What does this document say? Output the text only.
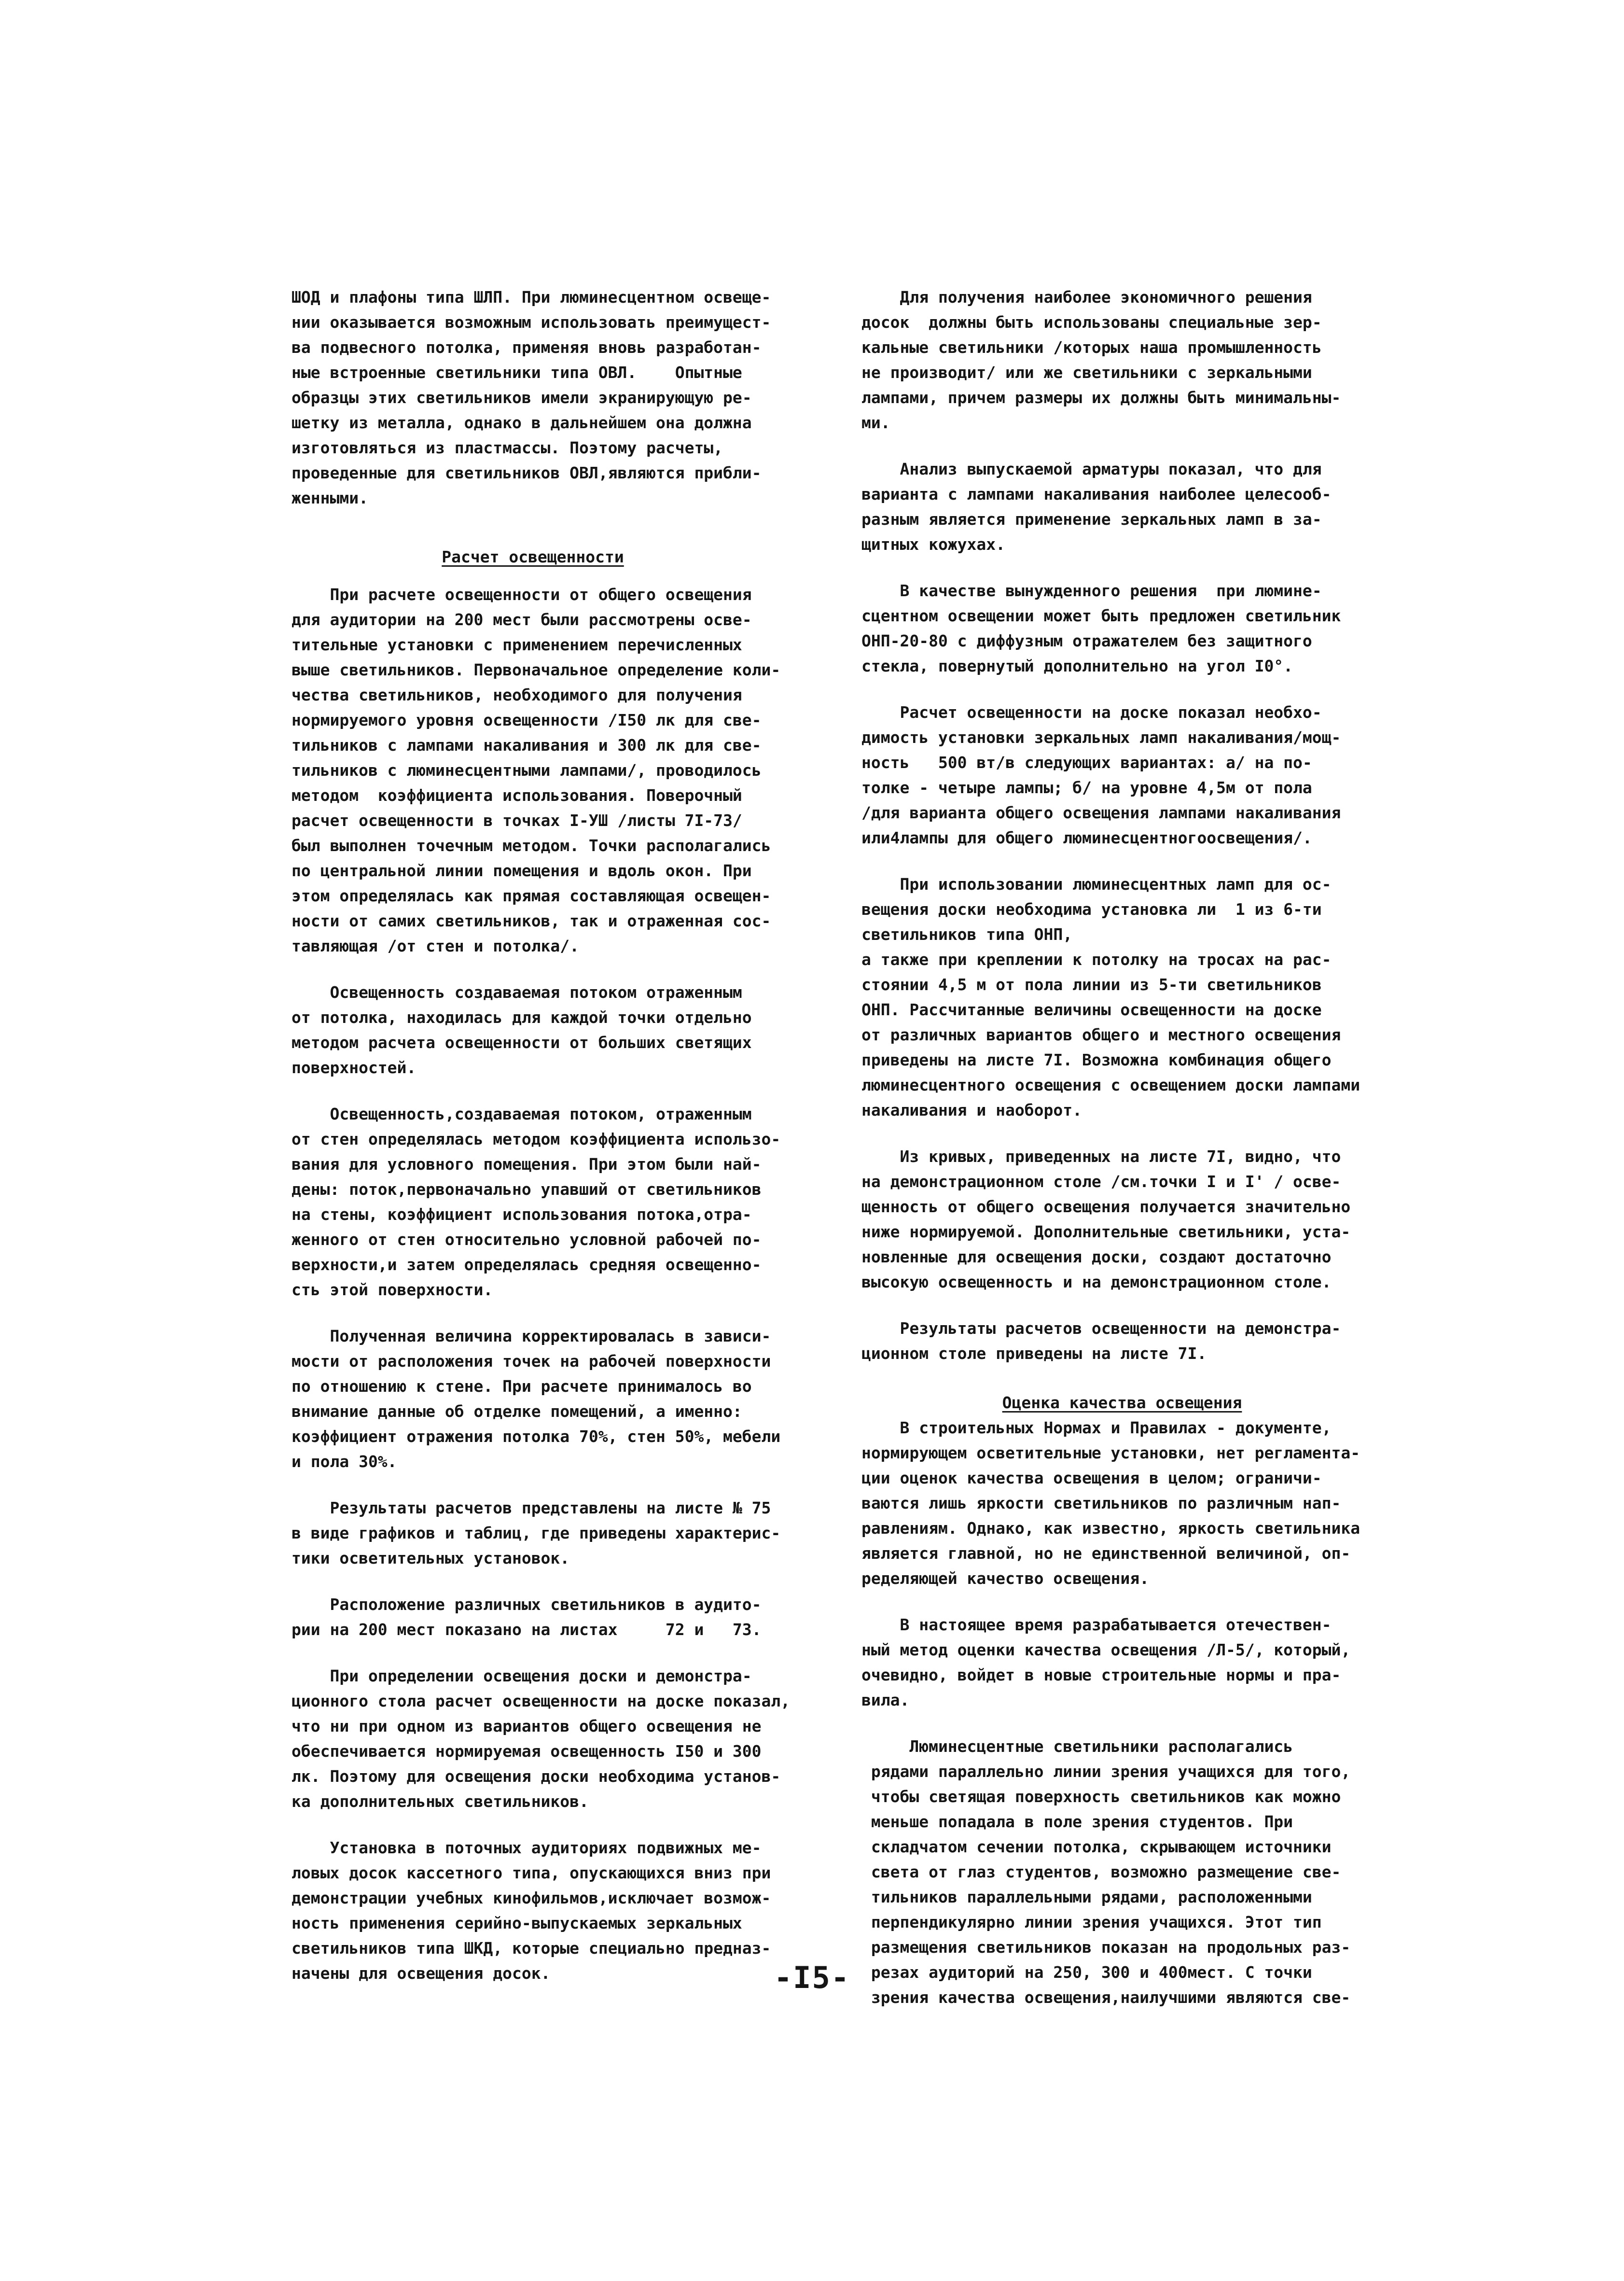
ШОД и плафоны типа ШЛП. При люминесцентном освеще-
нии оказывается возможным использовать преимущест-
ва подвесного потолка, применяя вновь разработан-
ные встроенные светильники типа ОВЛ.    Опытные
образцы этих светильников имели экранирующую ре-
шетку из металла, однако в дальнейшем она должна
изготовляться из пластмассы. Поэтому расчеты,
проведенные для светильников ОВЛ,являются прибли-
женными.

Расчет освещенности

При расчете освещенности от общего освещения
для аудитории на 200 мест были рассмотрены осве-
тительные установки с применением перечисленных
выше светильников. Первоначальное определение коли-
чества светильников, необходимого для получения
нормируемого уровня освещенности /I50 лк для све-
тильников с лампами накаливания и 300 лк для све-
тильников с люминесцентными лампами/, проводилось
методом  коэффициента использования. Поверочный
расчет освещенности в точках I-УШ /листы 7I-73/
был выполнен точечным методом. Точки располагались
по центральной линии помещения и вдоль окон. При
этом определялась как прямая составляющая освещен-
ности от самих светильников, так и отраженная сос-
тавляющая /от стен и потолка/.

Освещенность создаваемая потоком отраженным
от потолка, находилась для каждой точки отдельно
методом расчета освещенности от больших светящих
поверхностей.

Освещенность,создаваемая потоком, отраженным
от стен определялась методом коэффициента использо-
вания для условного помещения. При этом были най-
дены: поток,первоначально упавший от светильников
на стены, коэффициент использования потока,отра-
женного от стен относительно условной рабочей по-
верхности,и затем определялась средняя освещенно-
сть этой поверхности.

Полученная величина корректировалась в зависи-
мости от расположения точек на рабочей поверхности
по отношению к стене. При расчете принималось во
внимание данные об отделке помещений, а именно:
коэффициент отражения потолка 70%, стен 50%, мебели
и пола 30%.

Результаты расчетов представлены на листе № 75
в виде графиков и таблиц, где приведены характерис-
тики осветительных установок.

Расположение различных светильников в аудито-
рии на 200 мест показано на листах     72 и   73.

При определении освещения доски и демонстра-
ционного стола расчет освещенности на доске показал,
что ни при одном из вариантов общего освещения не
обеспечивается нормируемая освещенность I50 и 300
лк. Поэтому для освещения доски необходима установ-
ка дополнительных светильников.

Установка в поточных аудиториях подвижных ме-
ловых досок кассетного типа, опускающихся вниз при
демонстрации учебных кинофильмов,исключает возмож-
ность применения серийно-выпускаемых зеркальных
светильников типа ШКД, которые специально предназ-
начены для освещения досок.

Для получения наиболее экономичного решения
досок  должны быть использованы специальные зер-
кальные светильники /которых наша промышленность
не производит/ или же светильники с зеркальными
лампами, причем размеры их должны быть минимальны-
ми.

Анализ выпускаемой арматуры показал, что для
варианта с лампами накаливания наиболее целесооб-
разным является применение зеркальных ламп в за-
щитных кожухах.

В качестве вынужденного решения  при люмине-
сцентном освещении может быть предложен светильник
ОНП-20-80 с диффузным отражателем без защитного
стекла, повернутый дополнительно на угол I0°.

Расчет освещенности на доске показал необхо-
димость установки зеркальных ламп накаливания/мощ-
ность   500 вт/в следующих вариантах: а/ на по-
толке - четыре лампы; б/ на уровне 4,5м от пола
/для варианта общего освещения лампами накаливания
или4лампы для общего люминесцентногоосвещения/.

При использовании люминесцентных ламп для ос-
вещения доски необходима установка ли  1 из 6-ти
светильников типа ОНП,
а также при креплении к потолку на тросах на рас-
стоянии 4,5 м от пола линии из 5-ти светильников
ОНП. Рассчитанные величины освещенности на доске
от различных вариантов общего и местного освещения
приведены на листе 7I. Возможна комбинация общего
люминесцентного освещения с освещением доски лампами
накаливания и наоборот.

Из кривых, приведенных на листе 7I, видно, что
на демонстрационном столе /см.точки I и I' / осве-
щенность от общего освещения получается значительно
ниже нормируемой. Дополнительные светильники, уста-
новленные для освещения доски, создают достаточно
высокую освещенность и на демонстрационном столе.

Результаты расчетов освещенности на демонстра-
ционном столе приведены на листе 7I.

Оценка качества освещения

В строительных Нормах и Правилах - документе,
нормирующем осветительные установки, нет регламента-
ции оценок качества освещения в целом; ограничи-
ваются лишь яркости светильников по различным нап-
равлениям. Однако, как известно, яркость светильника
является главной, но не единственной величиной, оп-
ределяющей качество освещения.

В настоящее время разрабатывается отечествен-
ный метод оценки качества освещения /Л-5/, который,
очевидно, войдет в новые строительные нормы и пра-
вила.

Люминесцентные светильники располагались
рядами параллельно линии зрения учащихся для того,
чтобы светящая поверхность светильников как можно
меньше попадала в поле зрения студентов. При
складчатом сечении потолка, скрывающем источники
света от глаз студентов, возможно размещение све-
тильников параллельными рядами, расположенными
перпендикулярно линии зрения учащихся. Этот тип
размещения светильников показан на продольных раз-
резах аудиторий на 250, 300 и 400мест. С точки
зрения качества освещения,наилучшими являются све-

-I5-
